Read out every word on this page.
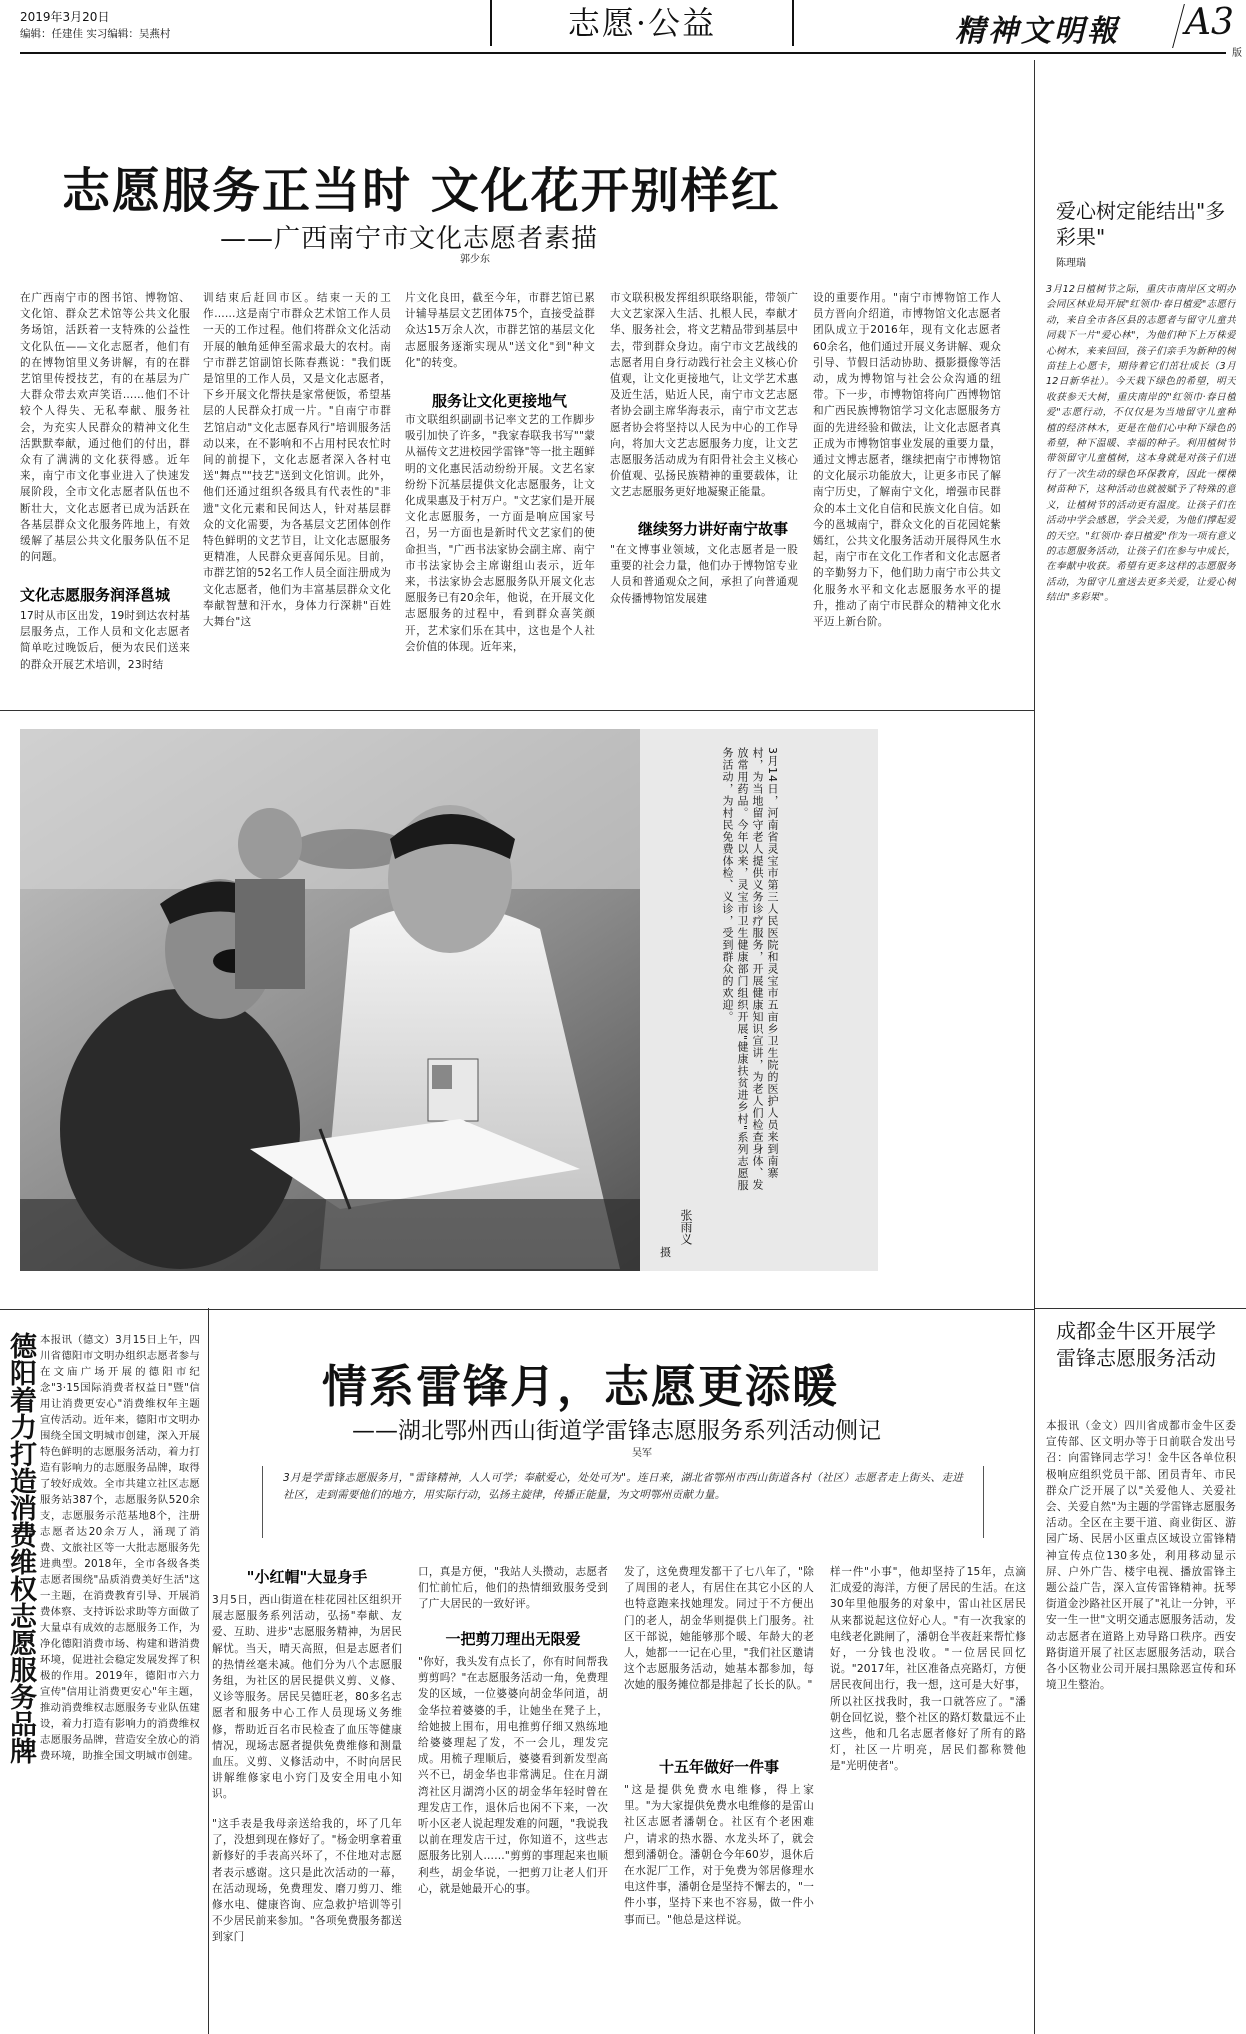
2019年3月20日
编辑：任建佳 实习编辑：吴燕村	志愿·公益	精神文明報 A3
版
志愿服务正当时 文化花开别样红
——广西南宁市文化志愿者素描
郭少东
在广西南宁市的图书馆、博物馆、文化馆、群众艺术馆等公共文化服务场馆，活跃着一支特殊的公益性文化队伍——文化志愿者，他们有的在博物馆里义务讲解，有的在群艺馆里传授技艺，有的在基层为广大群众带去欢声笑语……他们不计较个人得失、无私奉献、服务社会，为充实人民群众的精神文化生活默默奉献，通过他们的付出，群众有了满满的文化获得感。近年来，南宁市文化事业进入了快速发展阶段，全市文化志愿者队伍也不断壮大，文化志愿者已成为活跃在各基层群众文化服务阵地上，有效缓解了基层公共文化服务队伍不足的问题。
文化志愿服务润泽邕城
17时从市区出发，19时到达农村基层服务点，工作人员和文化志愿者简单吃过晚饭后，便为农民们送来的群众开展艺术培训，23时结
训结束后赶回市区。结束一天的工作……这是南宁市群众艺术馆工作人员一天的工作过程。他们将群众文化活动开展的触角延伸至需求最大的农村。南宁市群艺馆副馆长陈春燕说："我们既是馆里的工作人员，又是文化志愿者，下乡开展文化帮扶是家常便饭，希望基层的人民群众打成一片。"自南宁市群艺馆启动"文化志愿春风行"培训服务活动以来，在不影响和不占用村民农忙时间的前提下，文化志愿者深入各村屯送"舞点""技艺"送到文化馆训。此外，他们还通过组织各级具有代表性的"非遗"文化元素和民间达人，针对基层群众的文化需要，为各基层文艺团体创作特色鲜明的文艺节目，让文化志愿服务更精准，人民群众更喜闻乐见。目前，市群艺馆的52名工作人员全面注册成为文化志愿者，他们为丰富基层群众文化奉献智慧和汗水，身体力行深耕"百姓大舞台"这
片文化良田，截至今年，市群艺馆已累计辅导基层文艺团体75个，直接受益群众达15万余人次，市群艺馆的基层文化志愿服务逐渐实现从"送文化"到"种文化"的转变。
服务让文化更接地气
市文联组织副副书记率文艺的工作脚步吸引加快了许多，"我家春联我书写""蒙从福传文艺进校园学雷锋"等一批主题鲜明的文化惠民活动纷纷开展。文艺名家纷纷下沉基层提供文化志愿服务，让文化成果惠及于村万户。"文艺家们是开展文化志愿服务，一方面是响应国家号召，另一方面也是新时代文艺家们的使命担当，"广西书法家协会副主席、南宁市书法家协会主席谢组山表示，近年来，书法家协会志愿服务队开展文化志愿服务已有20余年，他说，在开展文化志愿服务的过程中，看到群众喜笑颜开，艺术家们乐在其中，这也是个人社会价值的体现。近年来，
市文联积极发挥组织联络职能，带领广大文艺家深入生活、扎根人民，奉献才华、服务社会，将文艺精品带到基层中去，带到群众身边。南宁市文艺战线的志愿者用自身行动践行社会主义核心价值观，让文化更接地气，让文学艺术惠及近生活，贴近人民，南宁市文艺志愿者协会副主席华海表示，南宁市文艺志愿者协会将坚持以人民为中心的工作导向，将加大文艺志愿服务力度，让文艺志愿服务活动成为有阳骨社会主义核心价值观、弘扬民族精神的重要载体，让文艺志愿服务更好地凝聚正能量。
继续努力讲好南宁故事
"在文博事业领域，文化志愿者是一股重要的社会力量，他们办于博物馆专业人员和普通观众之间，承担了向普通观众传播博物馆发展建
设的重要作用。"南宁市博物馆工作人员方晋向介绍道，市博物馆文化志愿者团队成立于2016年，现有文化志愿者60余名，他们通过开展义务讲解、观众引导、节假日活动协助、摄影摄像等活动，成为博物馆与社会公众沟通的纽带。下一步，市博物馆将向广西博物馆和广西民族博物馆学习文化志愿服务方面的先进经验和做法，让文化志愿者真正成为市博物馆事业发展的重要力量，通过文博志愿者，继续把南宁市博物馆的文化展示功能放大，让更多市民了解南宁历史，了解南宁文化，增强市民群众的本土文化自信和民族文化自信。如今的邕城南宁，群众文化的百花园姹紫嫣红，公共文化服务活动开展得风生水起，南宁市在文化工作者和文化志愿者的辛勤努力下，他们助力南宁市公共文化服务水平和文化志愿服务水平的提升，推动了南宁市民群众的精神文化水平迈上新台阶。
3月14日，河南省灵宝市第三人民医院和灵宝市五亩乡卫生院的医护人员来到南寨村，为当地留守老人提供义务诊疗服务，开展健康知识宣讲，为老人们检查身体、发放常用药品。今年以来，灵宝市卫生健康部门组织开展"健康扶贫进乡村"系列志愿服务活动，为村民免费体检、义诊，受到群众的欢迎。
张雨义
摄
爱心树定能结出"多彩果"
陈理瑞
3月12日植树节之际，重庆市南岸区文明办会同区林业局开展"红领巾·春日植爱"志愿行动，来自全市各区县的志愿者与留守儿童共同栽下一片"爱心林"，为他们种下上万株爱心树木，来来回回，孩子们亲手为新种的树苗挂上心愿卡，期待着它们茁壮成长（3月12日新华社）。今天栽下绿色的希望，明天收获参天大树，重庆南岸的"红领巾·春日植爱"志愿行动，不仅仅是为当地留守儿童种植的经济林木，更是在他们心中种下绿色的希望，种下温暖、幸福的种子。利用植树节带领留守儿童植树，这本身就是对孩子们进行了一次生动的绿色环保教育，因此一棵棵树苗种下，这种活动也就被赋予了特殊的意义，让植树节的活动更有温度。让孩子们在活动中学会感恩，学会关爱，为他们撑起爱的天空。"红领巾·春日植爱"作为一项有意义的志愿服务活动，让孩子们在参与中成长，在奉献中收获。希望有更多这样的志愿服务活动，为留守儿童送去更多关爱，让爱心树结出"多彩果"。
成都金牛区开展学雷锋志愿服务活动
本报讯（金文）四川省成都市金牛区委宣传部、区文明办等于日前联合发出号召：向雷锋同志学习！金牛区各单位积极响应组织党员干部、团员青年、市民群众广泛开展了以"关爱他人、关爱社会、关爱自然"为主题的学雷锋志愿服务活动。全区在主要干道、商业街区、游园广场、民居小区重点区域设立雷锋精神宣传点位130多处，利用移动显示屏、户外广告、楼宇电视、播放雷锋主题公益广告，深入宣传雷锋精神。抚琴街道金沙路社区开展了"礼让一分钟，平安一生一世"文明交通志愿服务活动，发动志愿者在道路上劝导路口秩序。西安路街道开展了社区志愿服务活动，联合各小区物业公司开展扫黑除恶宣传和环境卫生整治。
德阳着力打造消费维权志愿服务品牌 本报讯（德文）3月15日上午，四川省德阳市文明办组织志愿者参与在文庙广场开展的德阳市纪念"3·15国际消费者权益日"暨"信用让消费更安心"消费维权年主题宣传活动。近年来，德阳市文明办围绕全国文明城市创建，深入开展特色鲜明的志愿服务活动，着力打造有影响力的志愿服务品牌，取得了较好成效。全市共建立社区志愿服务站387个，志愿服务队520余支，志愿服务示范基地8个，注册志愿者达20余万人，涌现了消费、文旅社区等一大批志愿服务先进典型。2018年，全市各级各类志愿者围绕"品质消费美好生活"这一主题，在消费教育引导、开展消费体察、支持诉讼求助等方面做了大量卓有成效的志愿服务工作，为净化德阳消费市场、构建和谐消费环境，促进社会稳定发展发挥了积极的作用。2019年，德阳市六力宣传"信用让消费更安心"年主题，推动消费维权志愿服务专业队伍建设，着力打造有影响力的消费维权志愿服务品牌，营造安全放心的消费环境，助推全国文明城市创建。
情系雷锋月，志愿更添暖
——湖北鄂州西山街道学雷锋志愿服务系列活动侧记
吴军
3月是学雷锋志愿服务月，"雷锋精神，人人可学；奉献爱心，处处可为"。连日来，湖北省鄂州市西山街道各村（社区）志愿者走上街头、走进社区，走到需要他们的地方，用实际行动，弘扬主旋律，传播正能量，为文明鄂州贡献力量。
"小红帽"大显身手
3月5日，西山街道在桂花园社区组织开展志愿服务系列活动，弘扬"奉献、友爱、互助、进步"志愿服务精神，为居民解忧。当天，晴天高照，但是志愿者们的热情丝毫未减。他们分为八个志愿服务组，为社区的居民提供义剪、义修、义诊等服务。居民吴德旺老，80多名志愿者和服务中心工作人员现场义务维修，帮助近百名市民检查了血压等健康情况，现场志愿者提供免费维修和测量血压。义剪、义修活动中，不时向居民讲解维修家电小窍门及安全用电小知识。
"这手表是我母亲送给我的，坏了几年了，没想到现在修好了。"杨金明拿着重新修好的手表高兴坏了，不住地对志愿者表示感谢。这只是此次活动的一幕，在活动现场，免费理发、磨刀剪刀、维修水电、健康咨询、应急救护培训等引不少居民前来参加。"各项免费服务都送到家门
口，真是方便，"我站人头攒动，志愿者们忙前忙后，他们的热情细致服务受到了广大居民的一致好评。
一把剪刀理出无限爱
"你好，我头发有点长了，你有时间帮我剪剪吗？"在志愿服务活动一角，免费理发的区域，一位婆婆向胡金华问道，胡金华拉着婆婆的手，让她坐在凳子上，给她披上围布，用电推剪仔细又熟练地给婆婆理起了发，不一会儿，理发完成。用梳子理顺后，婆婆看到新发型高兴不已，胡金华也非常满足。住在月湖湾社区月湖湾小区的胡金华年轻时曾在理发店工作，退休后也闲不下来，一次听小区老人说起理发难的问题，"我说我以前在理发店干过，你知道不，这些志愿服务比别人……"剪剪的事理起来也顺利些，胡金华说，一把剪刀让老人们开心，就是她最开心的事。
发了，这免费理发都干了七八年了，"除了周围的老人，有居住在其它小区的人也特意跑来找她理发。同过于不方便出门的老人，胡金华则提供上门服务。社区干部说，她能够那个暖、年龄大的老人，她都一一记在心里，"我们社区邀请这个志愿服务活动，她基本都参加，每次她的服务摊位都是排起了长长的队。"
十五年做好一件事
"这是提供免费水电维修，得上家里。"为大家提供免费水电维修的是雷山社区志愿者潘朝仓。社区有个老困难户，请求的热水器、水龙头坏了，就会想到潘朝仓。潘朝仓今年60岁，退休后在水泥厂工作，对于免费为邻居修理水电这件事，潘朝仓是坚持不懈去的，"一件小事，坚持下来也不容易，做一件小事而已。"他总是这样说。
样一件"小事"，他却坚持了15年，点滴汇成爱的海洋，方便了居民的生活。在这30年里他服务的对象中，雷山社区居民从来都说起这位好心人。"有一次我家的电线老化跳闸了，潘朝仓半夜赶来帮忙修好，一分钱也没收。"一位居民回忆说。"2017年，社区准备点亮路灯，方便居民夜间出行，我一想，这可是大好事，所以社区找我时，我一口就答应了。"潘朝仓回忆说，整个社区的路灯数量远不止这些，他和几名志愿者修好了所有的路灯，社区一片明亮，居民们都称赞他是"光明使者"。
